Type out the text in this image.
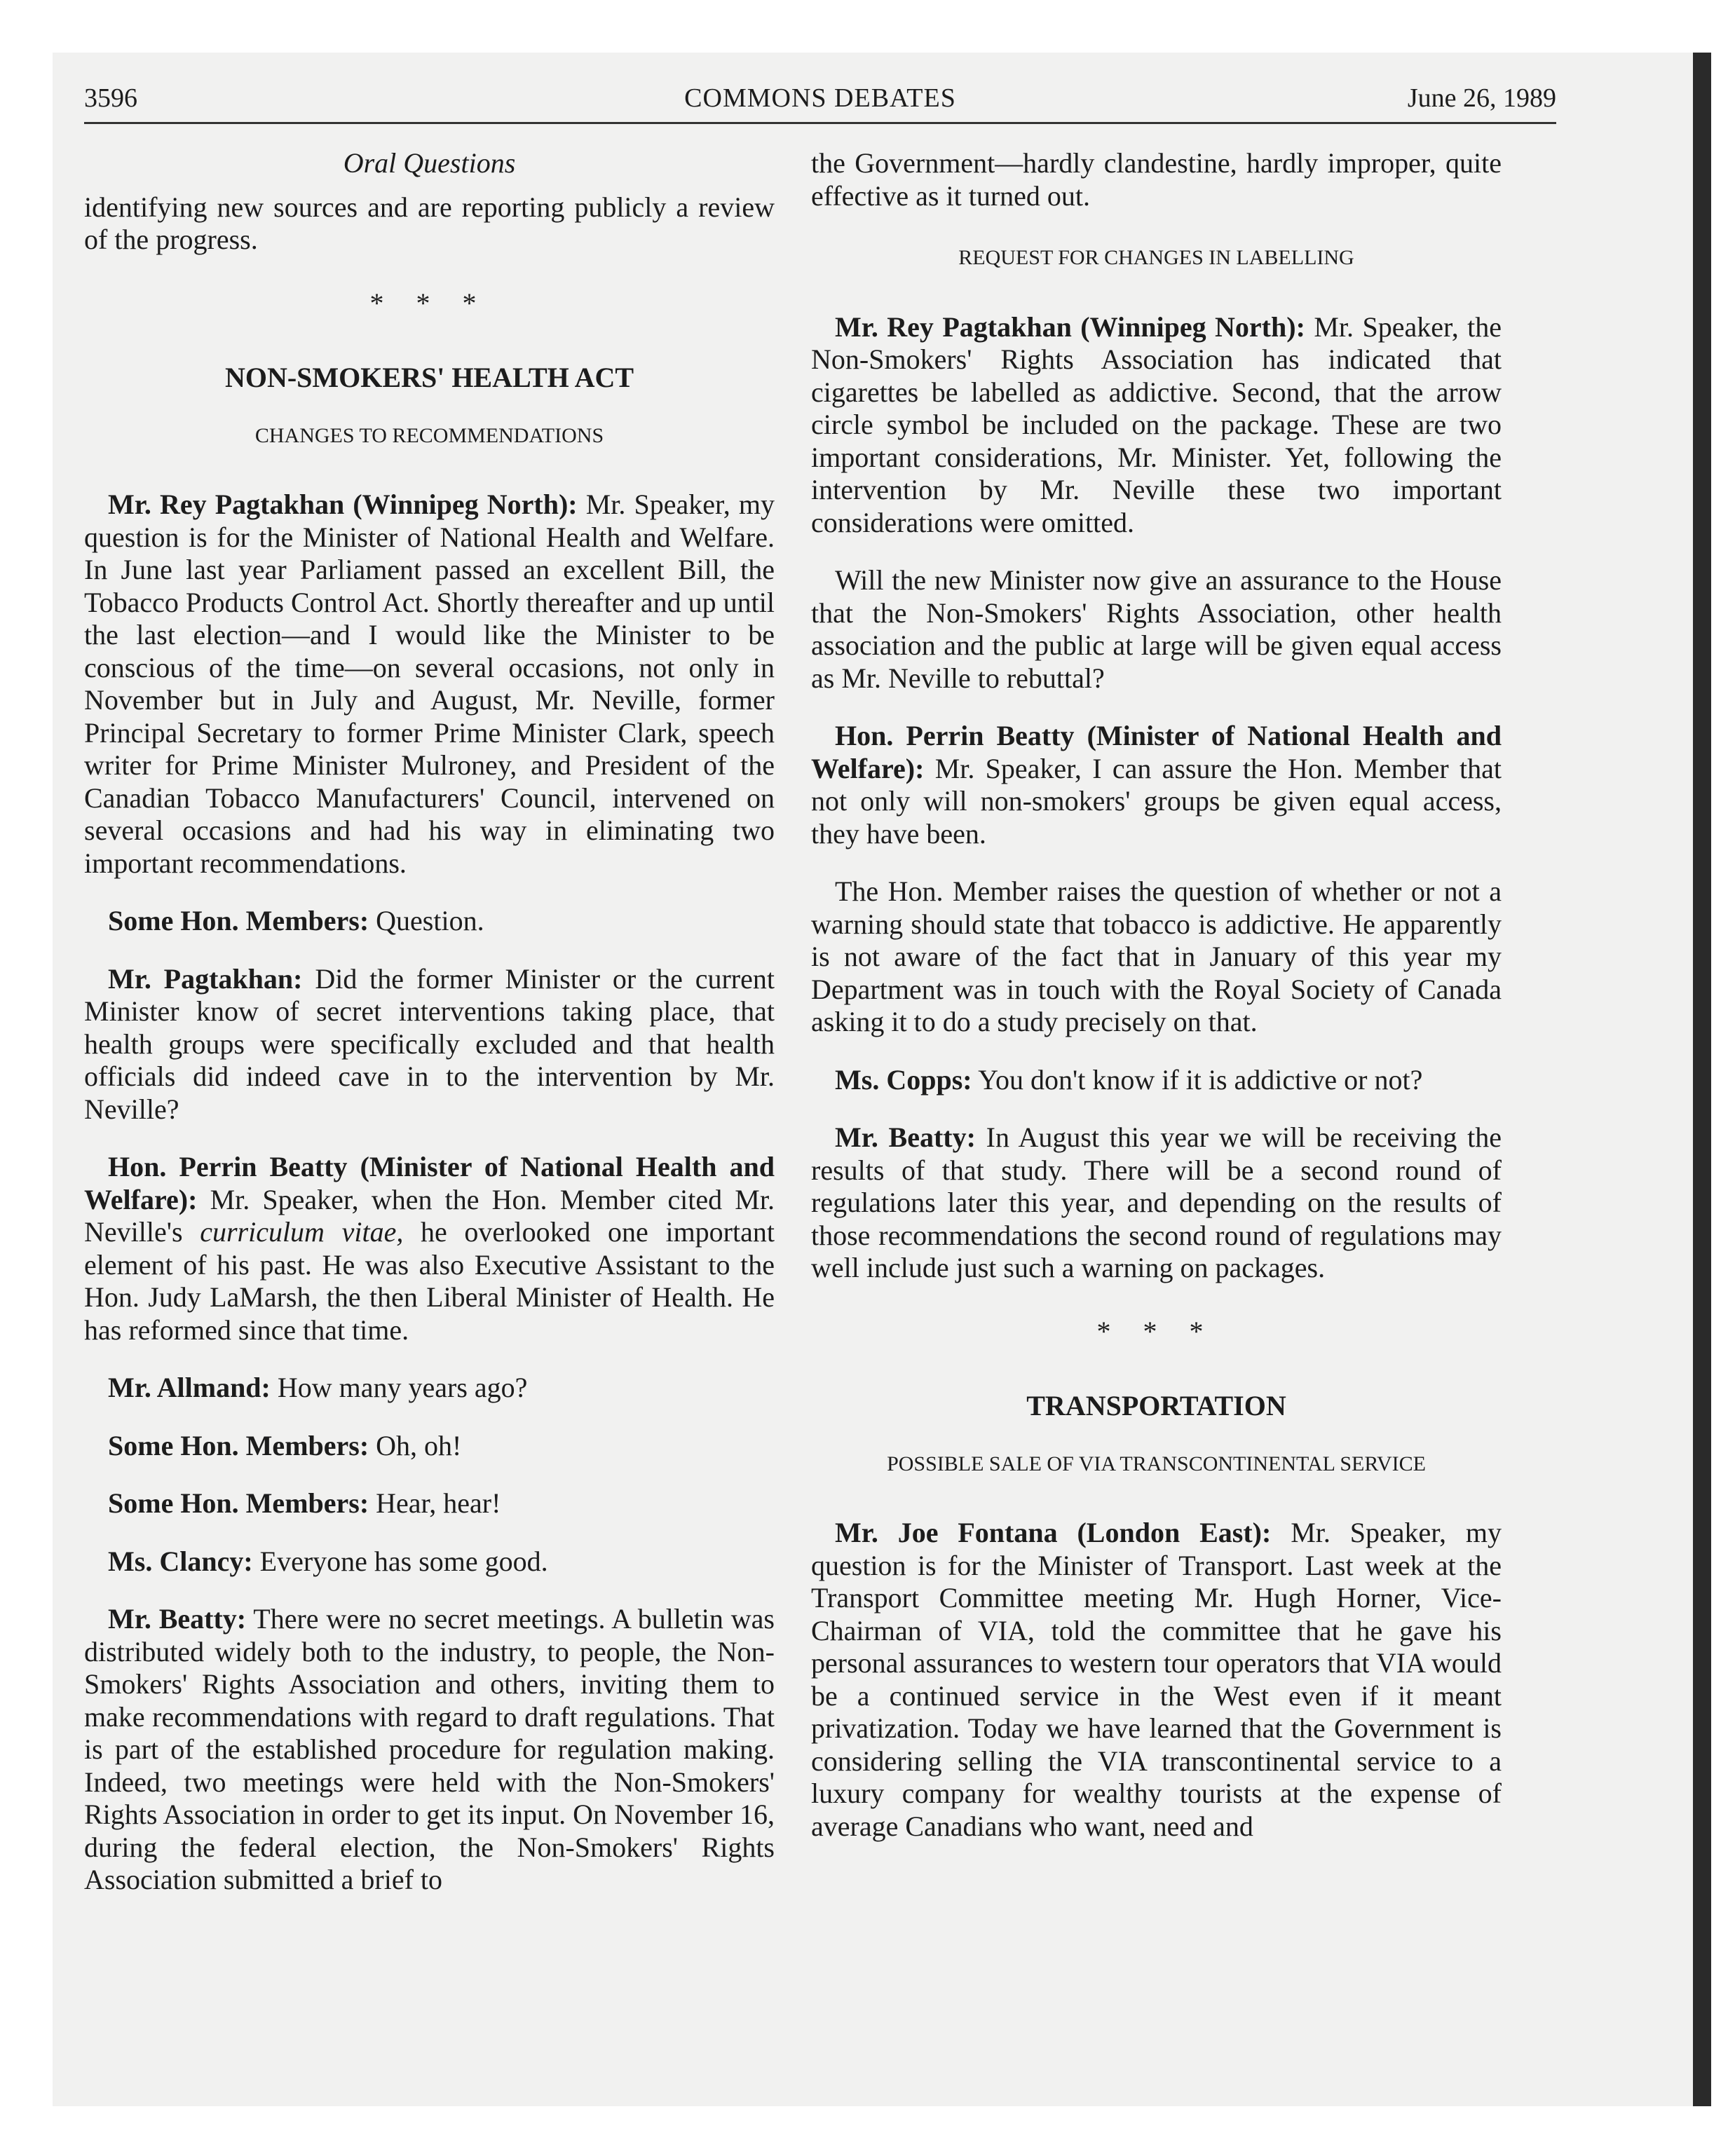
3596	COMMONS DEBATES	June 26, 1989
Oral Questions

identifying new sources and are reporting publicly a review of the progress.

* * *
NON-SMOKERS' HEALTH ACT
CHANGES TO RECOMMENDATIONS

Mr. Rey Pagtakhan (Winnipeg North): Mr. Speaker, my question is for the Minister of National Health and Welfare. In June last year Parliament passed an excellent Bill, the Tobacco Products Control Act. Shortly thereafter and up until the last election—and I would like the Minister to be conscious of the time—on several occasions, not only in November but in July and August, Mr. Neville, former Principal Secretary to former Prime Minister Clark, speech writer for Prime Minister Mulroney, and President of the Canadian Tobacco Manufacturers' Council, intervened on several occasions and had his way in eliminating two important recommendations.

Some Hon. Members: Question.

Mr. Pagtakhan: Did the former Minister or the current Minister know of secret interventions taking place, that health groups were specifically excluded and that health officials did indeed cave in to the intervention by Mr. Neville?

Hon. Perrin Beatty (Minister of National Health and Welfare): Mr. Speaker, when the Hon. Member cited Mr. Neville's curriculum vitae, he overlooked one important element of his past. He was also Executive Assistant to the Hon. Judy LaMarsh, the then Liberal Minister of Health. He has reformed since that time.

Mr. Allmand: How many years ago?

Some Hon. Members: Oh, oh!

Some Hon. Members: Hear, hear!

Ms. Clancy: Everyone has some good.

Mr. Beatty: There were no secret meetings. A bulletin was distributed widely both to the industry, to people, the Non-Smokers' Rights Association and others, inviting them to make recommendations with regard to draft regulations. That is part of the established procedure for regulation making. Indeed, two meetings were held with the Non-Smokers' Rights Association in order to get its input. On November 16, during the federal election, the Non-Smokers' Rights Association submitted a brief to

the Government—hardly clandestine, hardly improper, quite effective as it turned out.

REQUEST FOR CHANGES IN LABELLING

Mr. Rey Pagtakhan (Winnipeg North): Mr. Speaker, the Non-Smokers' Rights Association has indicated that cigarettes be labelled as addictive. Second, that the arrow circle symbol be included on the package. These are two important considerations, Mr. Minister. Yet, following the intervention by Mr. Neville these two important considerations were omitted.

Will the new Minister now give an assurance to the House that the Non-Smokers' Rights Association, other health association and the public at large will be given equal access as Mr. Neville to rebuttal?

Hon. Perrin Beatty (Minister of National Health and Welfare): Mr. Speaker, I can assure the Hon. Member that not only will non-smokers' groups be given equal access, they have been.

The Hon. Member raises the question of whether or not a warning should state that tobacco is addictive. He apparently is not aware of the fact that in January of this year my Department was in touch with the Royal Society of Canada asking it to do a study precisely on that.

Ms. Copps: You don't know if it is addictive or not?

Mr. Beatty: In August this year we will be receiving the results of that study. There will be a second round of regulations later this year, and depending on the results of those recommendations the second round of regulations may well include just such a warning on packages.

* * *
TRANSPORTATION
POSSIBLE SALE OF VIA TRANSCONTINENTAL SERVICE

Mr. Joe Fontana (London East): Mr. Speaker, my question is for the Minister of Transport. Last week at the Transport Committee meeting Mr. Hugh Horner, Vice-Chairman of VIA, told the committee that he gave his personal assurances to western tour operators that VIA would be a continued service in the West even if it meant privatization. Today we have learned that the Government is considering selling the VIA transcontinental service to a luxury company for wealthy tourists at the expense of average Canadians who want, need and
